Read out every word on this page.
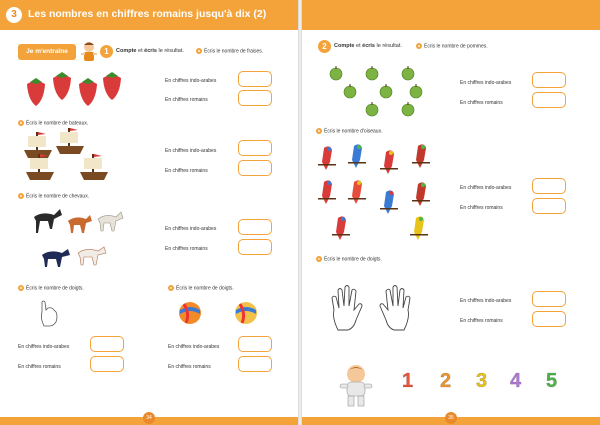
3	Les nombres en chiffres romains jusqu'à dix (2)
Je m'entraîne	1	Compte et écris le résultat.	a Écris le nombre de fraises.
En chiffres indo-arabes
En chiffres romains
b Écris le nombre de bateaux.
En chiffres indo-arabes
En chiffres romains
c Écris le nombre de chevaux.
En chiffres indo-arabes
En chiffres romains
d Écris le nombre de doigts.
En chiffres indo-arabes
En chiffres romains
e Écris le nombre de doigts.
En chiffres indo-arabes
En chiffres romains
34
2	Compte et écris le résultat.	a Écris le nombre de pommes.
En chiffres indo-arabes
En chiffres romains
b Écris le nombre d'oiseaux.
En chiffres indo-arabes
En chiffres romains
c Écris le nombre de doigts.
En chiffres indo-arabes
En chiffres romains
1 2 3 4 5
35
